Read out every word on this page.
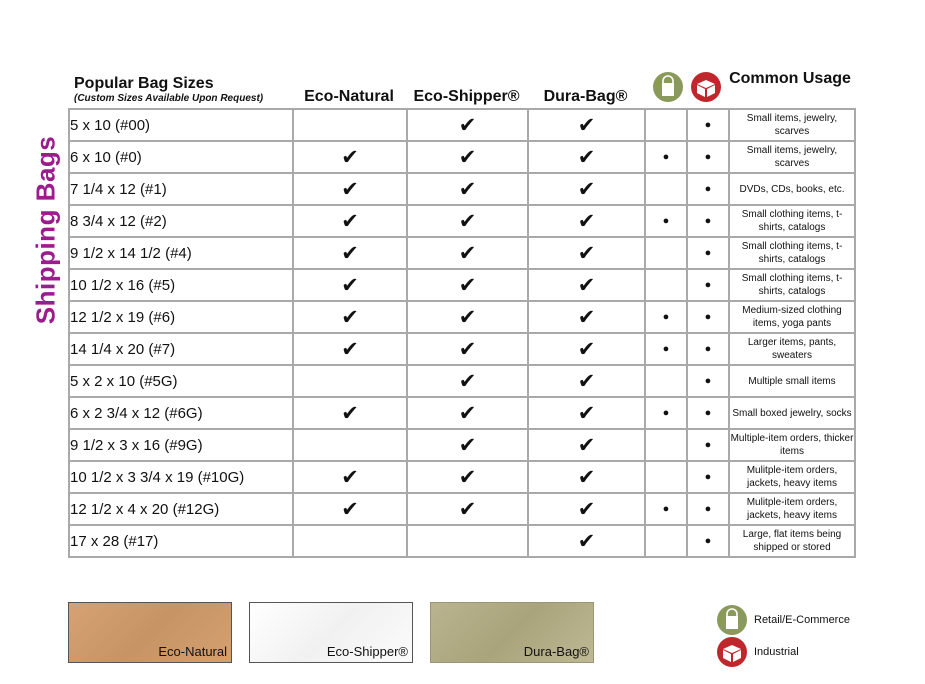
Shipping Bags
Popular Bag Sizes
(Custom Sizes Available Upon Request)	Eco-Natural	Eco-Shipper®	Dura-Bag®
Common Usage
5 x 10 (#00)		✔	✔		●	Small items, jewelry, scarves
6 x 10 (#0)	✔	✔	✔	●	●	Small items, jewelry, scarves
7 1/4 x 12 (#1)	✔	✔	✔		●	DVDs, CDs, books, etc.
8 3/4 x 12 (#2)	✔	✔	✔	●	●	Small clothing items, t-shirts, catalogs
9 1/2 x 14 1/2 (#4)	✔	✔	✔		●	Small clothing items, t-shirts, catalogs
10 1/2 x 16 (#5)	✔	✔	✔		●	Small clothing items, t-shirts, catalogs
12 1/2 x 19 (#6)	✔	✔	✔	●	●	Medium-sized clothing items, yoga pants
14 1/4 x 20 (#7)	✔	✔	✔	●	●	Larger items, pants, sweaters
5 x 2 x 10 (#5G)		✔	✔		●	Multiple small items
6 x 2 3/4 x 12 (#6G)	✔	✔	✔	●	●	Small boxed jewelry, socks
9 1/2 x 3 x 16 (#9G)		✔	✔		●	Multiple-item orders, thicker items
10 1/2 x 3 3/4 x 19 (#10G)	✔	✔	✔		●	Mulitple-item orders, jackets, heavy items
12 1/2 x 4 x 20 (#12G)	✔	✔	✔	●	●	Mulitple-item orders, jackets, heavy items
17 x 28 (#17)			✔		●	Large, flat items being shipped or stored
Eco-Natural	Eco-Shipper®	Dura-Bag®
Retail/E-Commerce
Industrial
